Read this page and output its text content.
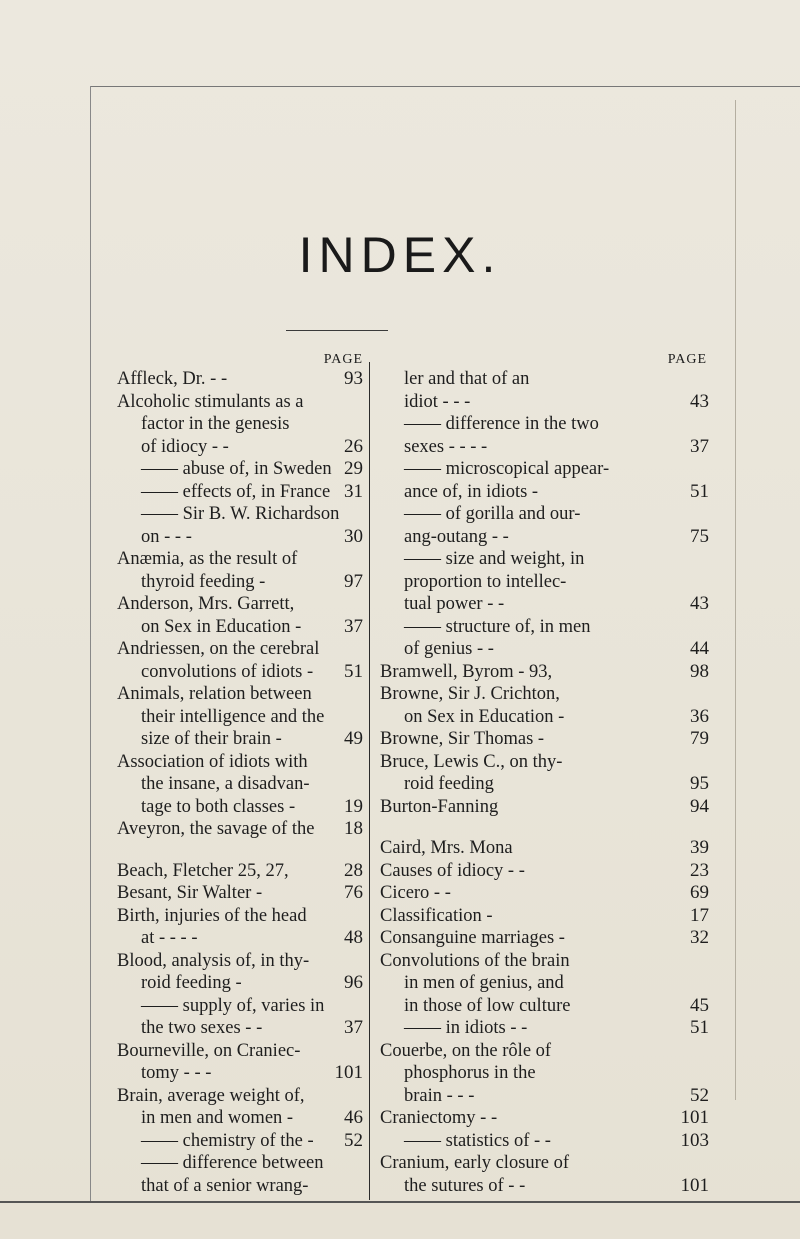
INDEX.
PAGE
Affleck, Dr. - -	93
Alcoholic stimulants as a
factor in the genesis
of idiocy - -	26
—— abuse of, in Sweden 29
—— effects of, in France 31
—— Sir B. W. Richardson
on - - -	30
Anæmia, as the result of
thyroid feeding -	97
Anderson, Mrs. Garrett,
on Sex in Education -	37
Andriessen, on the cerebral
convolutions of idiots -	51
Animals, relation between
their intelligence and the
size of their brain -	49
Association of idiots with
the insane, a disadvan-
tage to both classes -	19
Aveyron, the savage of the	18
Beach, Fletcher 25, 27,	28
Besant, Sir Walter -	76
Birth, injuries of the head
at - - - -	48
Blood, analysis of, in thy-
roid feeding -	96
—— supply of, varies in
the two sexes - -	37
Bourneville, on Craniec-
tomy - - -	101
Brain, average weight of,
in men and women -	46
—— chemistry of the -	52
—— difference between
that of a senior wrang-
PAGE
ler and that of an
idiot - - -	43
—— difference in the two
sexes - - - -	37
—— microscopical appear-
ance of, in idiots -	51
—— of gorilla and our-
ang-outang - -	75
—— size and weight, in
proportion to intellec-
tual power - -	43
—— structure of, in men
of genius - -	44
Bramwell, Byrom - 93,	98
Browne, Sir J. Crichton,
on Sex in Education -	36
Browne, Sir Thomas -	79
Bruce, Lewis C., on thy-
roid feeding	95
Burton-Fanning	94
Caird, Mrs. Mona	39
Causes of idiocy - -	23
Cicero - -	69
Classification -	17
Consanguine marriages -	32
Convolutions of the brain
in men of genius, and
in those of low culture	45
—— in idiots - -	51
Couerbe, on the rôle of
phosphorus in the
brain - - -	52
Craniectomy - -	101
—— statistics of - -	103
Cranium, early closure of
the sutures of - -	101
